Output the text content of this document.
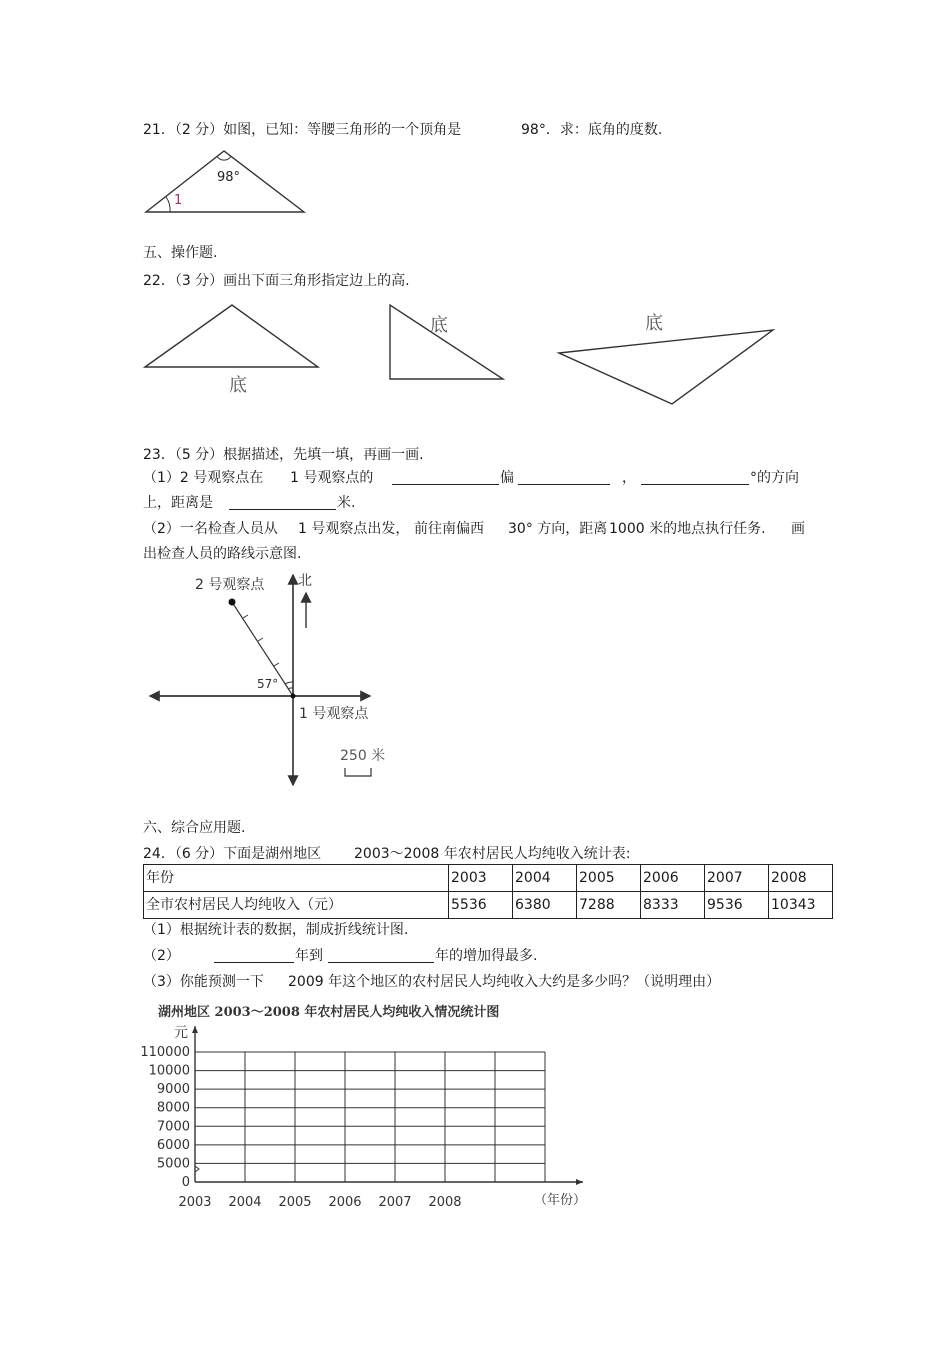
21．（2 分）如图，已知：等腰三角形的一个顶角是	98°．求：底角的度数.
98°
1
五、操作题.
22．（3 分）画出下面三角形指定边上的高.
底
底	底
23．（5 分）根据描述，先填一填，再画一画.
（1）2 号观察点在 1 号观察点的	偏	，	°的方向
上，距离是	米.
（2）一名检查人员从 1 号观察点出发， 前往南偏西 30° 方向，距离 1000 米的地点执行任务. 画
出检查人员的路线示意图.
2 号观察点 北
57°
1 号观察点
250 米
六、综合应用题.
24．（6 分）下面是湖州地区 2003～2008 年农村居民人均纯收入统计表:
年份	2003	2004	2005	2006	2007	2008
全市农村居民人均纯收入（元）	5536	6380	7288	8333	9536	10343
（1）根据统计表的数据，制成折线统计图.
（2）	年到	年的增加得最多.
（3）你能预测一下 2009 年这个地区的农村居民人均纯收入大约是多少吗？（说明理由）
湖州地区 2003～2008 年农村居民人均纯收入情况统计图
元
（年份）
0
5000
6000
7000
8000
9000
10000
110000
2003 2004 2005 2006 2007 2008
